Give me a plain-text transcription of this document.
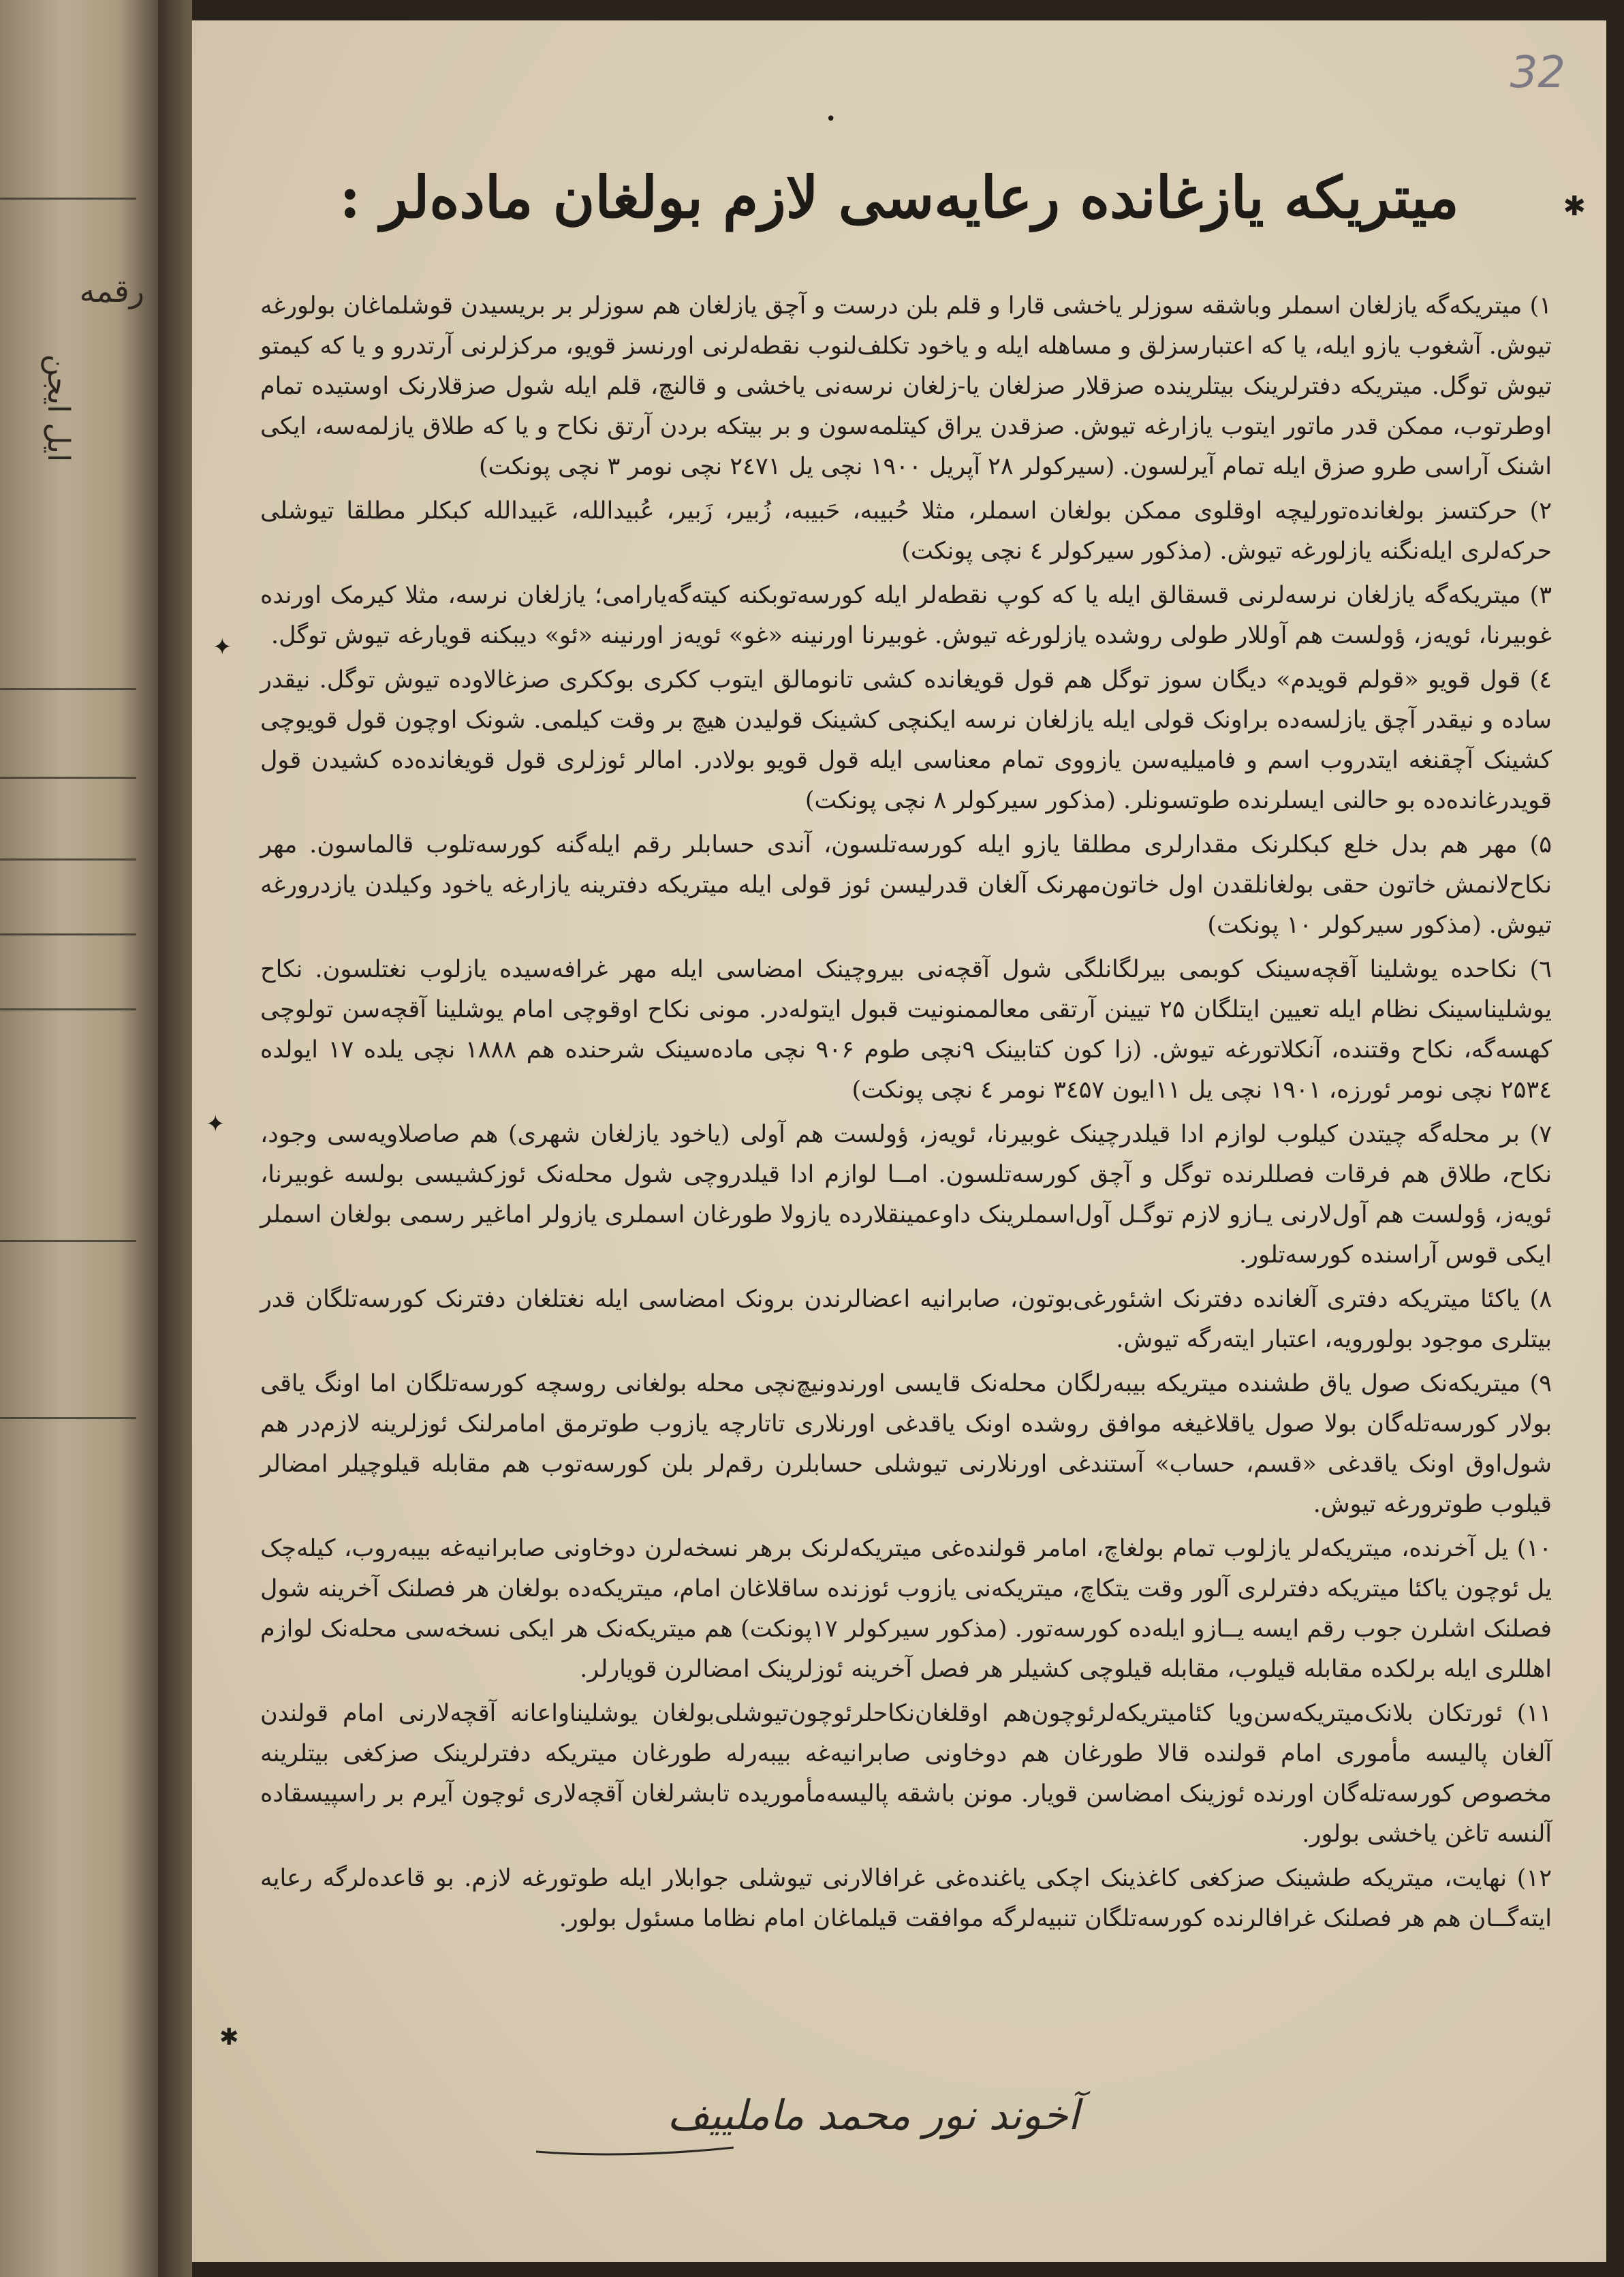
رقمه
ایل ایجن
32
•
✱
✦
✦
✱
میتریکه یازغانده رعایه‌سی لازم بولغان ماده‌لر :

۱) میتریکه‌گه یازلغان اسملر وباشقه سوزلر یاخشی قارا و قلم بلن درست و آچق یازلغان هم سوزلر بر بریسیدن قوشلماغان بولورغه تیوش. آشغوب یازو ایله، یا که اعتبارسزلق و مساهله ایله و یاخود تکلف‌لنوب نقطه‌لرنی اورنسز قویو، مرکزلرنی آرتدرو و یا که کیمتو تیوش توگل. میتریکه دفترلرینک بیتلرینده صزقلار صزلغان یا-زلغان نرسه‌نی یاخشی و قالنچ، قلم ایله شول صزقلارنک اوستیده تمام اوطرتوب، ممکن قدر ماتور ایتوب یازارغه تیوش. صزقدن یراق کیتلمه‌سون و بر بیتکه بردن آرتق نکاح و یا که طلاق یازلمه‌سه، ایکی اشنک آراسی طرو صزق ایله تمام آیرلسون. (سیرکولر ۲۸ آپریل ۱۹۰۰ نچی یل ۲٤۷۱ نچی نومر ۳ نچی پونکت)

۲) حرکتسز بولغانده‌تورلیچه اوقلوی ممکن بولغان اسملر، مثلا حُبیبه، حَبیبه، زُبیر، زَبیر، عُبیدالله، عَبیدالله کبکلر مطلقا تیوشلی حرکه‌لری ایله‌نگنه یازلورغه تیوش. (مذکور سیرکولر ٤ نچی پونکت)

۳) میتریکه‌گه یازلغان نرسه‌لرنی قسقالق ایله یا که کوپ نقطه‌لر ایله کورسه‌توبکنه کیته‌گه‌یارامی؛ یازلغان نرسه، مثلا کیرمک اورنده غوبیرنا، ئویه‌ز، ؤولست هم آوللار طولی روشده یازلورغه تیوش. غوبیرنا اورنینه «غو» ئویه‌ز اورنینه «ئو» دیبکنه قویارغه تیوش توگل.

٤) قول قویو «قولم قویدم» دیگان سوز توگل هم قول قویغانده کشی تانومالق ایتوب ککری بوککری صزغالاوده تیوش توگل. نیقدر ساده و نیقدر آچق یازلسه‌ده براونک قولی ایله یازلغان نرسه ایکنچی کشینک قولیدن هیچ بر وقت کیلمی. شونک اوچون قول قویوچی کشینک آچقنغه ایتدروب اسم و فامیلیه‌سن یازووی تمام معناسی ایله قول قویو بولادر. امالر ئوزلری قول قویغانده‌ده کشیدن قول قویدرغانده‌ده بو حالنی ایسلرنده طوتسونلر. (مذکور سیرکولر ۸ نچی پونکت)

۵) مهر هم بدل خلع کبکلرنک مقدارلری مطلقا یازو ایله کورسه‌تلسون، آندی حسابلر رقم ایله‌گنه کورسه‌تلوب قالماسون. مهر نکاح‌لانمش خاتون حقی بولغانلقدن اول خاتون‌مهرنک آلغان قدرلیسن ئوز قولی ایله میتریکه دفترینه یازارغه یاخود وکیلدن یازدرورغه تیوش. (مذکور سیرکولر ۱۰ پونکت)

٦) نکاحده یوشلینا آقچه‌سینک کوبمی بیرلگانلگی شول آقچه‌نی بیروچینک امضاسی ایله مهر غرافه‌سیده یازلوب نغتلسون. نکاح یوشلیناسینک نظام ایله تعیین ایتلگان ۲۵ تیینن آرتقی معالممنونیت قبول ایتوله‌در. مونی نکاح اوقوچی امام یوشلینا آقچه‌سن تولوچی کهسه‌گه، نکاح وقتنده، آنکلاتورغه تیوش. (زا کون کتابینک ۹نچی طوم ۹۰۶ نچی ماده‌سینک شرحنده هم ۱۸۸۸ نچی یلده ۱۷ ایولده ۲۵۳٤ نچی نومر ئورزه، ۱۹۰۱ نچی یل ۱۱ایون ۳٤۵۷ نومر ٤ نچی پونکت)

۷) بر محله‌گه چیتدن کیلوب لوازم ادا قیلدرچینک غوبیرنا، ئویه‌ز، ؤولست هم آولی (یاخود یازلغان شهری) هم صاصلاویه‌سی وجود، نکاح، طلاق هم فرقات فصللرنده توگل و آچق کورسه‌تلسون. امــا لوازم ادا قیلدروچی شول محله‌نک ئوزکشیسی بولسه غوبیرنا، ئویه‌ز، ؤولست هم آول‌لارنی یـازو لازم توگـل آول‌اسملرینک داوعمینقلارده یازولا طورغان اسملری یازولر اماغیر رسمی بولغان اسملر ایکی قوس آراسنده کورسه‌تلور.

۸) یاکئا میتریکه دفتری آلغانده دفترنک اشئورغی‌بوتون، صابرانیه اعضالرندن برونک امضاسی ایله نغتلغان دفترنک کورسه‌تلگان قدر بیتلری موجود بولورویه، اعتبار ایته‌رگه تیوش.

۹) میتریکه‌نک صول یاق طشنده میتریکه بیبه‌رلگان محله‌نک قایسی اورندونیچ‌نچی محله بولغانی روسچه کورسه‌تلگان اما اونگ یاقی بولار کورسه‌تله‌گان بولا صول یاقلاغیغه موافق روشده اونک یاقدغی اورنلاری تاتارچه یازوب طوترمق امامرلنک ئوزلرینه لازم‌در هم شول‌اوق اونک یاقدغی «قسم، حساب» آستندغی اورنلارنی تیوشلی حسابلرن رقم‌لر بلن کورسه‌توب هم مقابله قیلوچیلر امضالر قیلوب طوترورغه تیوش.

۱۰) یل آخرنده، میتریکه‌لر یازلوب تمام بولغاچ، امامر قولنده‌غی میتریکه‌لرنک بر‌هر نسخه‌لرن دوخاونی صابرانیه‌غه بیبه‌روب، کیله‌چک یل ئوچون یاکئا میتریکه دفترلری آلور وقت یتکاچ، میتریکه‌نی یازوب ئوزنده ساقلاغان امام، میتریکه‌ده بولغان هر فصلنک آخرینه شول فصلنک اشلرن جوب رقم ایسه یــازو ایله‌ده کورسه‌تور. (مذکور سیرکولر ۱۷پونکت) هم میتریکه‌نک هر ایکی نسخه‌سی محله‌نک لوازم اهللری ایله برلکده مقابله قیلوب، مقابله قیلوچی کشیلر هر فصل آخرینه ئوزلرینک امضالرن قویارلر.

۱۱) ئورتکان بلانک‌میتریکه‌سن‌ویا کئامیتریکه‌لرئوچون‌هم اوقلغان‌نکاحلرئوچون‌تیوشلی‌بولغان یوشلیناواعانه آقچه‌لارنی امام قولندن آلغان پالیسه مأموری امام قولنده قالا طورغان هم دوخاونی صابرانیه‌غه بیبه‌رله طورغان میتریکه دفترلرینک صزکغی بیتلرینه مخصوص کورسه‌تله‌گان اورنده ئوزینک امضاسن قویار. مونن باشقه پالیسه‌مأموریده تابشرلغان آقچه‌لاری ئوچون آیرم بر راسپیسقاده آلنسه تاغن یاخشی بولور.

۱۲) نهایت، میتریکه طشینک صزکغی کاغذینک اچکی یاغنده‌غی غرافالارنی تیوشلی جوابلار ایله طوتورغه لازم. بو قاعده‌لرگه رعایه ایته‌گــان هم هر فصلنک غرافالرنده کورسه‌تلگان تنبیه‌لرگه موافقت قیلماغان امام نظاما مسئول بولور.

آخوند نور محمد ماملییف
